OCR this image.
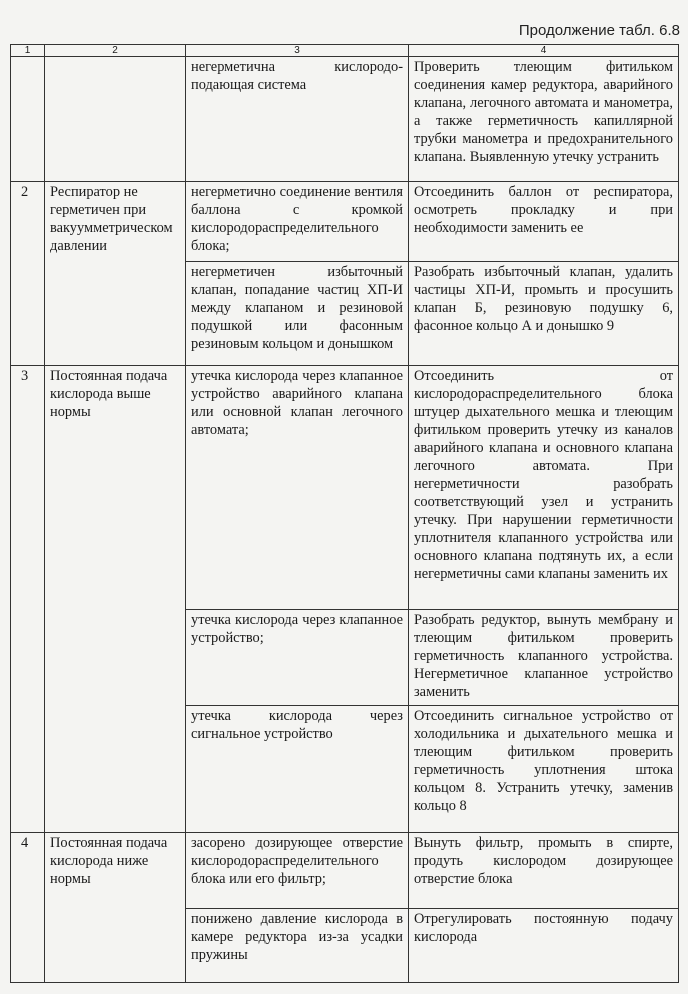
Продолжение табл. 6.8
1	2	3	4
		негерметична кислородо-подающая система	Проверить тлеющим фитильком соединения камер редуктора, аварийного клапана, легочного автомата и манометра, а также герметичность капиллярной трубки манометра и предохранительного клапана. Выявленную утечку устранить
2	Респиратор не герметичен при вакуумметрическом давлении	негерметично соединение вентиля баллона с кромкой кислородораспределительного блока;	Отсоединить баллон от респиратора, осмотреть прокладку и при необходимости заменить ее
		негерметичен избыточный клапан, попадание частиц ХП-И между клапаном и резиновой подушкой или фасонным резиновым кольцом и донышком	Разобрать избыточный клапан, удалить частицы ХП-И, промыть и просушить клапан Б, резиновую подушку 6, фасонное кольцо А и донышко 9
3	Постоянная подача кислорода выше нормы	утечка кислорода через клапанное устройство аварийного клапана или основной клапан легочного автомата;	Отсоединить от кислородораспределительного блока штуцер дыхательного мешка и тлеющим фитильком проверить утечку из каналов аварийного клапана и основного клапана легочного автомата. При негерметичности разобрать соответствующий узел и устранить утечку. При нарушении герметичности уплотнителя клапанного устройства или основного клапана подтянуть их, а если негерметичны сами клапаны заменить их
		утечка кислорода через клапанное устройство;	Разобрать редуктор, вынуть мембрану и тлеющим фитильком проверить герметичность клапанного устройства. Негерметичное клапанное устройство заменить
		утечка кислорода через сигнальное устройство	Отсоединить сигнальное устройство от холодильника и дыхательного мешка и тлеющим фитильком проверить герметичность уплотнения штока кольцом 8. Устранить утечку, заменив кольцо 8
4	Постоянная подача кислорода ниже нормы	засорено дозирующее отверстие кислородораспределительного блока или его фильтр;	Вынуть фильтр, промыть в спирте, продуть кислородом дозирующее отверстие блока
		понижено давление кислорода в камере редуктора из-за усадки пружины	Отрегулировать постоянную подачу кислорода
